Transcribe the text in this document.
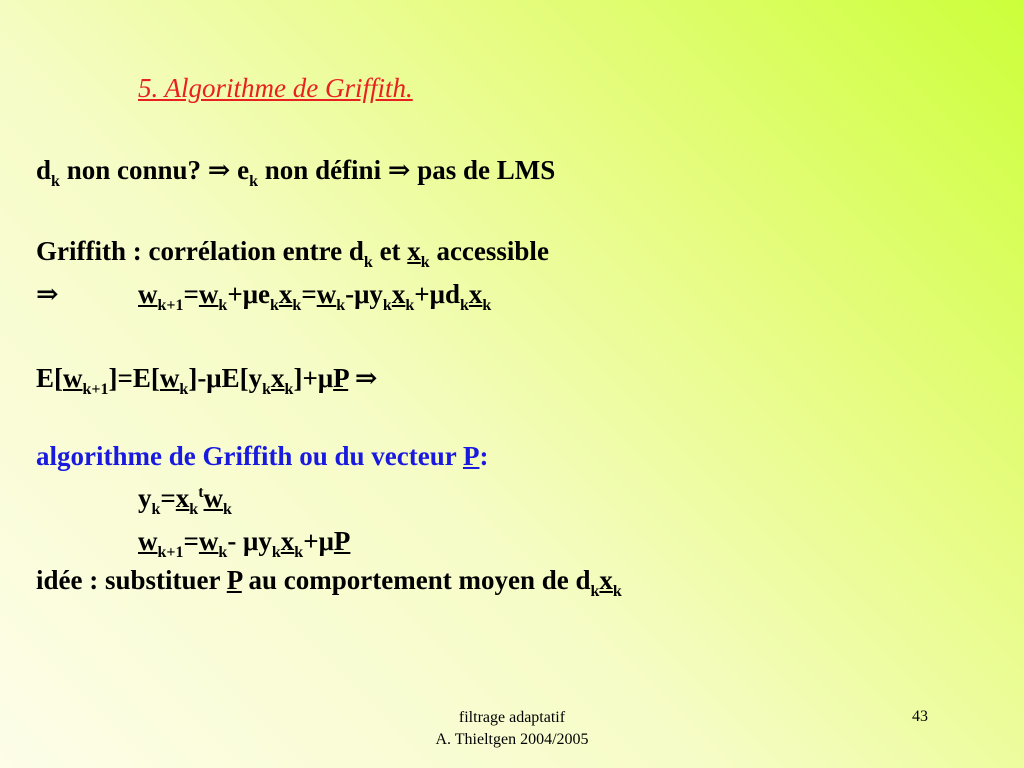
5. Algorithme de Griffith.
$d_k$ non connu? ⇒ $e_k$ non défini ⇒ pas de LMS
Griffith : corrélation entre $d_k$ et $x_k$ accessible
⇒	$w_{k+1}=w_k+\mu e_kx_k=w_k-\mu y_kx_k+\mu d_kx_k$
$E[w_{k+1}]=E[w_k]-\mu E[y_kx_k]+\mu P$ ⇒
algorithme de Griffith ou du vecteur P:
$y_k=x_k^tw_k$
$w_{k+1}=w_k-$ $\mu y_kx_k+\mu P$
idée : substituer P au comportement moyen de $d_kx_k$
filtrage adaptatif
A. Thieltgen 2004/2005
43
